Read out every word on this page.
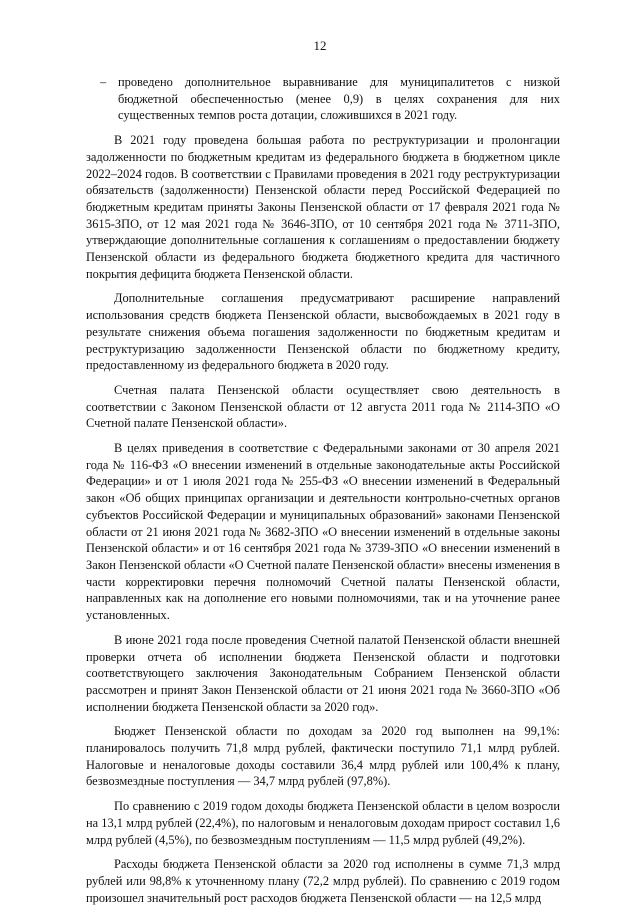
12
– проведено дополнительное выравнивание для муниципалитетов с низкой бюджетной обеспеченностью (менее 0,9) в целях сохранения для них существенных темпов роста дотации, сложившихся в 2021 году.

В 2021 году проведена большая работа по реструктуризации и пролонгации задолженности по бюджетным кредитам из федерального бюджета в бюджетном цикле 2022–2024 годов. В соответствии с Правилами проведения в 2021 году реструктуризации обязательств (задолженности) Пензенской области перед Российской Федерацией по бюджетным кредитам приняты Законы Пензенской области от 17 февраля 2021 года № 3615-ЗПО, от 12 мая 2021 года № 3646-ЗПО, от 10 сентября 2021 года № 3711-ЗПО, утверждающие дополнительные соглашения к соглашениям о предоставлении бюджету Пензенской области из федерального бюджета бюджетного кредита для частичного покрытия дефицита бюджета Пензенской области.

Дополнительные соглашения предусматривают расширение направлений использования средств бюджета Пензенской области, высвобождаемых в 2021 году в результате снижения объема погашения задолженности по бюджетным кредитам и реструктуризацию задолженности Пензенской области по бюджетному кредиту, предоставленному из федерального бюджета в 2020 году.

Счетная палата Пензенской области осуществляет свою деятельность в соответствии с Законом Пензенской области от 12 августа 2011 года № 2114-ЗПО «О Счетной палате Пензенской области».

В целях приведения в соответствие с Федеральными законами от 30 апреля 2021 года № 116-ФЗ «О внесении изменений в отдельные законодательные акты Российской Федерации» и от 1 июля 2021 года № 255-ФЗ «О внесении изменений в Федеральный закон «Об общих принципах организации и деятельности контрольно-счетных органов субъектов Российской Федерации и муниципальных образований» законами Пензенской области от 21 июня 2021 года № 3682-ЗПО «О внесении изменений в отдельные законы Пензенской области» и от 16 сентября 2021 года № 3739-ЗПО «О внесении изменений в Закон Пензенской области «О Счетной палате Пензенской области» внесены изменения в части корректировки перечня полномочий Счетной палаты Пензенской области, направленных как на дополнение его новыми полномочиями, так и на уточнение ранее установленных.

В июне 2021 года после проведения Счетной палатой Пензенской области внешней проверки отчета об исполнении бюджета Пензенской области и подготовки соответствующего заключения Законодательным Собранием Пензенской области рассмотрен и принят Закон Пензенской области от 21 июня 2021 года № 3660-ЗПО «Об исполнении бюджета Пензенской области за 2020 год».

Бюджет Пензенской области по доходам за 2020 год выполнен на 99,1%: планировалось получить 71,8 млрд рублей, фактически поступило 71,1 млрд рублей. Налоговые и неналоговые доходы составили 36,4 млрд рублей или 100,4% к плану, безвозмездные поступления — 34,7 млрд рублей (97,8%).

По сравнению с 2019 годом доходы бюджета Пензенской области в целом возросли на 13,1 млрд рублей (22,4%), по налоговым и неналоговым доходам прирост составил 1,6 млрд рублей (4,5%), по безвозмездным поступлениям — 11,5 млрд рублей (49,2%).

Расходы бюджета Пензенской области за 2020 год исполнены в сумме 71,3 млрд рублей или 98,8% к уточненному плану (72,2 млрд рублей). По сравнению с 2019 годом произошел значительный рост расходов бюджета Пензенской области — на 12,5 млрд
